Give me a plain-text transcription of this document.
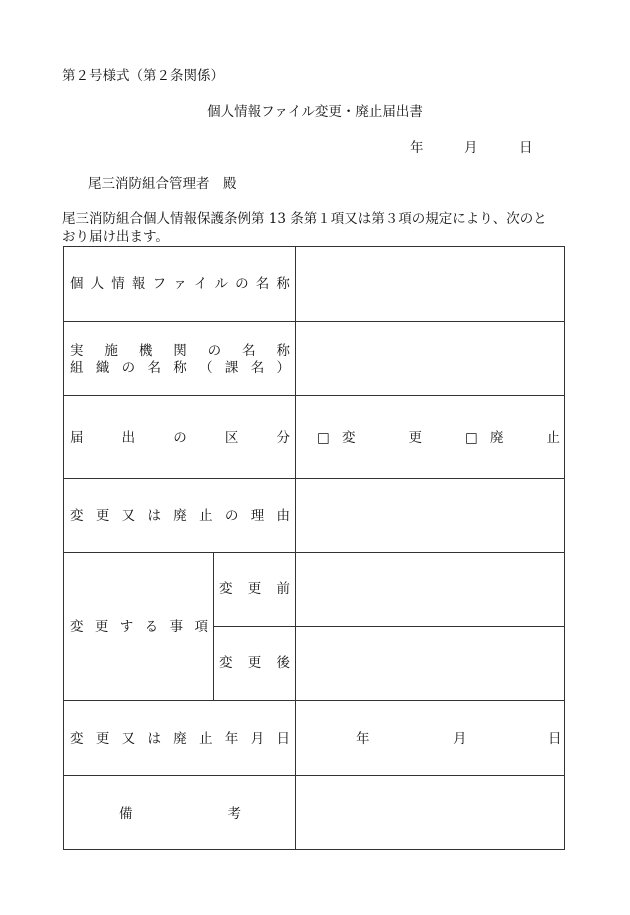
第２号様式（第２条関係）
個人情報ファイル変更・廃止届出書
年	月	日
尾三消防組合管理者　殿
尾三消防組合個人情報保護条例第 13 条第１項又は第３項の規定により、次のと
おり届け出ます。
個 人 情 報 フ ァ イ ル の 名 称
実 施 機 関 の 名 称
組 織 の 名 称 （ 課 名 ）
届	出	の	区	分 □ 変	更	□ 廃	止
変 更 又 は 廃 止 の 理 由
変 更 す る 事 項
変 更 前
変 更 後
変 更 又 は 廃 止 年 月 日	年	月	日
備	考
